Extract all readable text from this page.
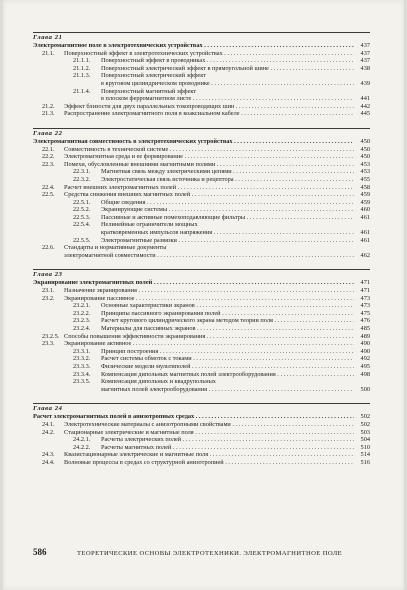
Глава 21
Электромагнитное поле в электротехнических устройствах . . .	437
21.1.	Поверхностный эффект в электротехнических устройствах . . .	437
21.1.1.	Поверхностный эффект в проводниках . . .	437
21.1.2.	Поверхностный электрический эффект в прямоугольной шине . . .	438
21.1.3.	Поверхностный электрический эффект
в круговом цилиндрическом проводнике . . .	439
21.1.4.	Поверхностный магнитный эффект
в плоском ферромагнитном листе . . .	441
21.2.	Эффект близости для двух параллельных токопроводящих шин . . .	442
21.3.	Распространение электромагнитного поля в коаксиальном кабеле . . .	445
Глава 22
Электромагнитная совместимость в электротехнических устройствах . . .	450
22.1.	Совместимость в технической системе . . .	450
22.2.	Электромагнитная среда и ее формирование . . .	450
22.3.	Помехи, обусловленные внешними магнитными полями . . .	453
22.3.1.	Магнитная связь между электрическими цепями . . .	453
22.3.2.	Электростатическая связь источника и рецептора . . .	455
22.4.	Расчет внешних электромагнитных полей . . .	458
22.5.	Средства снижения внешних магнитных полей . . .	459
22.5.1.	Общие сведения . . .	459
22.5.2.	Экранирующие системы . . .	460
22.5.3.	Пассивные и активные помехоподавляющие фильтры . . .	461
22.5.4.	Нелинейные ограничители мощных
кратковременных импульсов напряжения . . .	461
22.5.5.	Электромагнитные развязки . . .	461
22.6.	Стандарты и нормативные документы
электромагнитной совместимости . . .	462
Глава 23
Экранирование электромагнитных полей . . .	471
23.1.	Назначение экранирования . . .	471
23.2.	Экранирование пассивное . . .	473
23.2.1.	Основные характеристики экранов . . .	473
23.2.2.	Принципы пассивного экранирования полей . . .	475
23.2.3.	Расчет кругового цилиндрического экрана методом теории поля . . .	476
23.2.4.	Материалы для пассивных экранов . . .	485
23.2.5. Способы повышения эффективности экранирования . . .	489
23.3.	Экранирование активное . . .	490
23.3.1.	Принцип построения . . .	490
23.3.2.	Расчет системы обмоток с токами . . .	492
23.3.3.	Физические модели мультиполей . . .	495
23.3.4.	Компенсация дипольных магнитных полей электрооборудования . . .	498
23.3.5.	Компенсация дипольных и квадрупольных
магнитных полей электрооборудования . . .	500
Глава 24
Расчет электромагнитных полей в анизотропных средах . . .	502
24.1.	Электротехнические материалы с анизотропными свойствами . . .	502
24.2.	Стационарные электрические и магнитные поля . . .	503
24.2.1.	Расчеты электрических полей . . .	504
24.2.2.	Расчеты магнитных полей . . .	510
24.3.	Квазистационарные электрические и магнитные поля . . .	514
24.4.	Волновые процессы в средах со структурной анизотропией . . .	516
586	ТЕОРЕТИЧЕСКИЕ ОСНОВЫ ЭЛЕКТРОТЕХНИКИ. ЭЛЕКТРОМАГНИТНОЕ ПОЛЕ
